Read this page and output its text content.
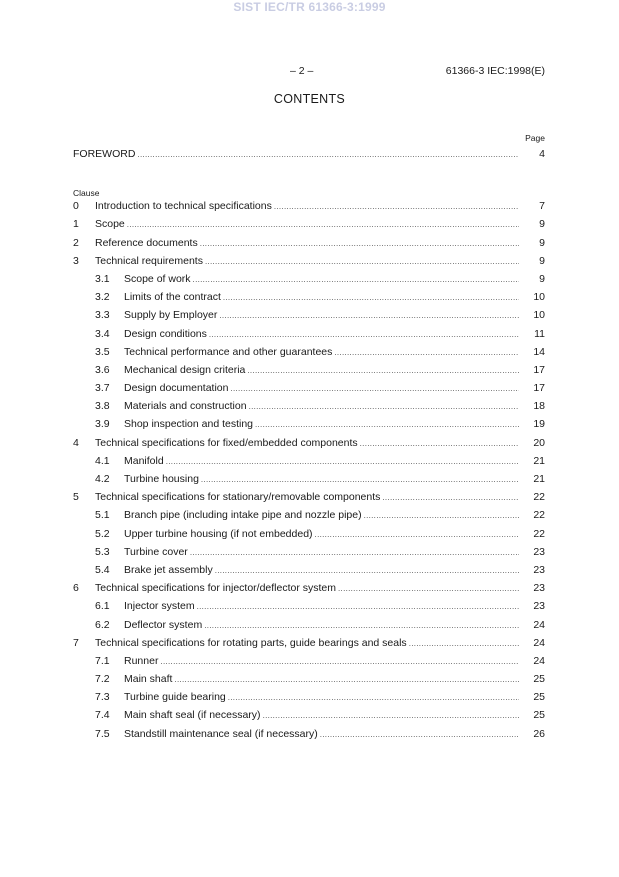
SIST IEC/TR 61366-3:1999
– 2 –	61366-3 IEC:1998(E)
CONTENTS
Page
FOREWORD .....	4
Clause
0	Introduction to technical specifications .....	7
1	Scope .....	9
2	Reference documents .....	9
3	Technical requirements .....	9
3.1	Scope of work .....	9
3.2	Limits of the contract .....	10
3.3	Supply by Employer .....	10
3.4	Design conditions .....	11
3.5	Technical performance and other guarantees .....	14
3.6	Mechanical design criteria .....	17
3.7	Design documentation .....	17
3.8	Materials and construction .....	18
3.9	Shop inspection and testing .....	19
4	Technical specifications for fixed/embedded components .....	20
4.1	Manifold .....	21
4.2	Turbine housing .....	21
5	Technical specifications for stationary/removable components .....	22
5.1	Branch pipe (including intake pipe and nozzle pipe) .....	22
5.2	Upper turbine housing (if not embedded) .....	22
5.3	Turbine cover .....	23
5.4	Brake jet assembly .....	23
6	Technical specifications for injector/deflector system .....	23
6.1	Injector system .....	23
6.2	Deflector system .....	24
7	Technical specifications for rotating parts, guide bearings and seals .....	24
7.1	Runner .....	24
7.2	Main shaft .....	25
7.3	Turbine guide bearing .....	25
7.4	Main shaft seal (if necessary) .....	25
7.5	Standstill maintenance seal (if necessary) .....	26
